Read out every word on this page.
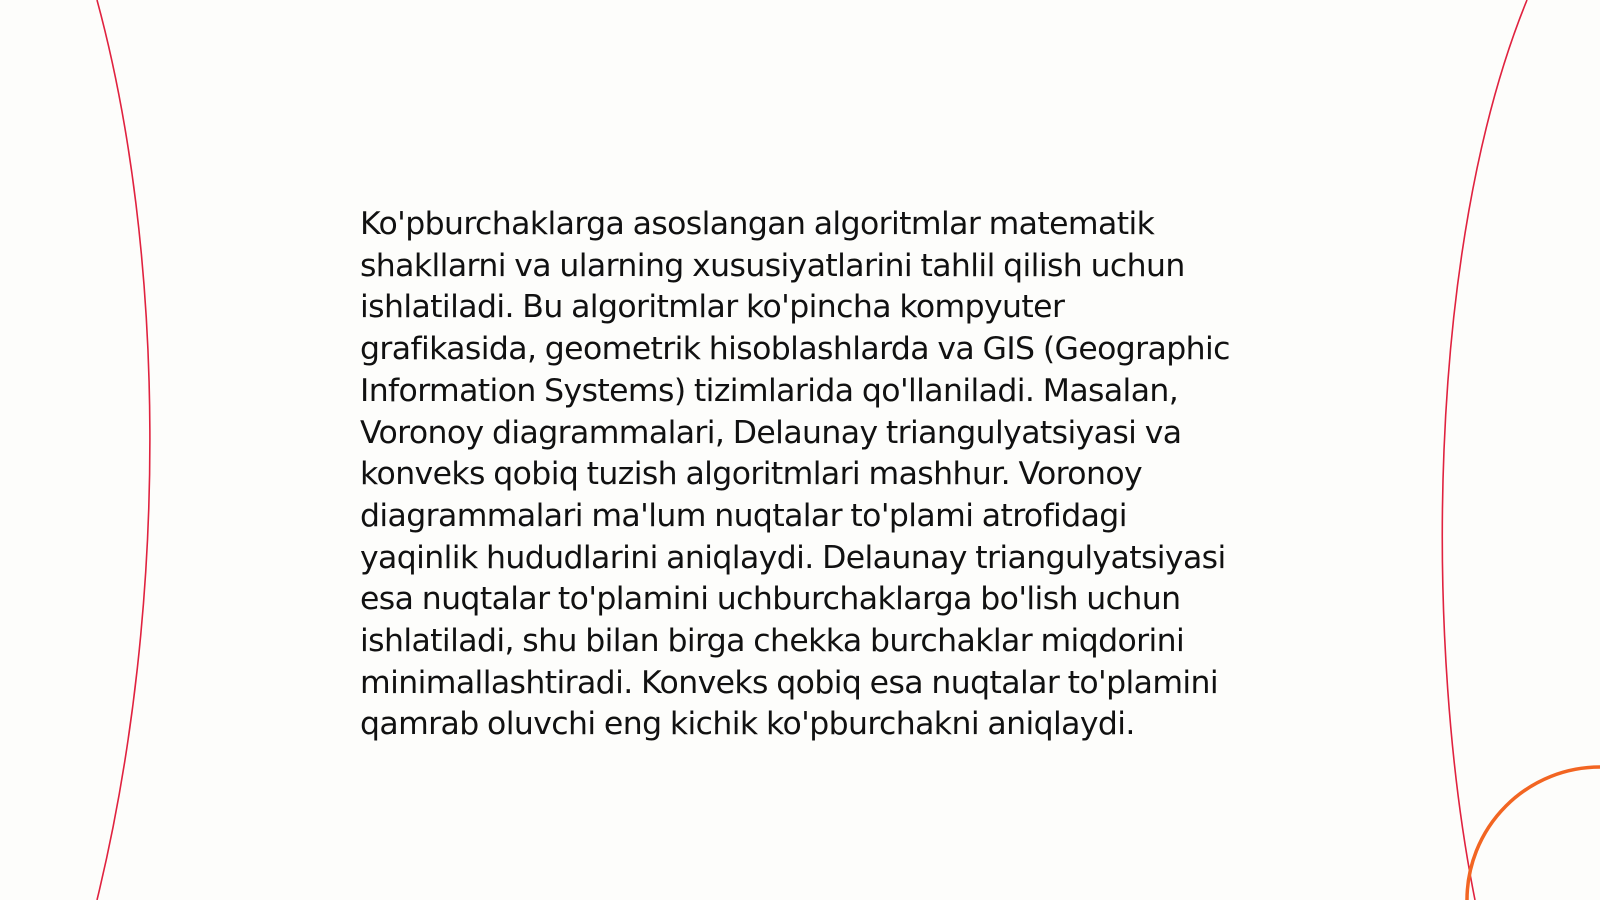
Ko'pburchaklarga asoslangan algoritmlar matematik shakllarni va ularning xususiyatlarini tahlil qilish uchun ishlatiladi. Bu algoritmlar ko'pincha kompyuter grafikasida, geometrik hisoblashlarda va GIS (Geographic Information Systems) tizimlarida qo'llaniladi. Masalan, Voronoy diagrammalari, Delaunay triangulyatsiyasi va konveks qobiq tuzish algoritmlari mashhur. Voronoy diagrammalari ma'lum nuqtalar to'plami atrofidagi yaqinlik hududlarini aniqlaydi. Delaunay triangulyatsiyasi esa nuqtalar to'plamini uchburchaklarga bo'lish uchun ishlatiladi, shu bilan birga chekka burchaklar miqdorini minimallashtiradi. Konveks qobiq esa nuqtalar to'plamini qamrab oluvchi eng kichik ko'pburchakni aniqlaydi.
